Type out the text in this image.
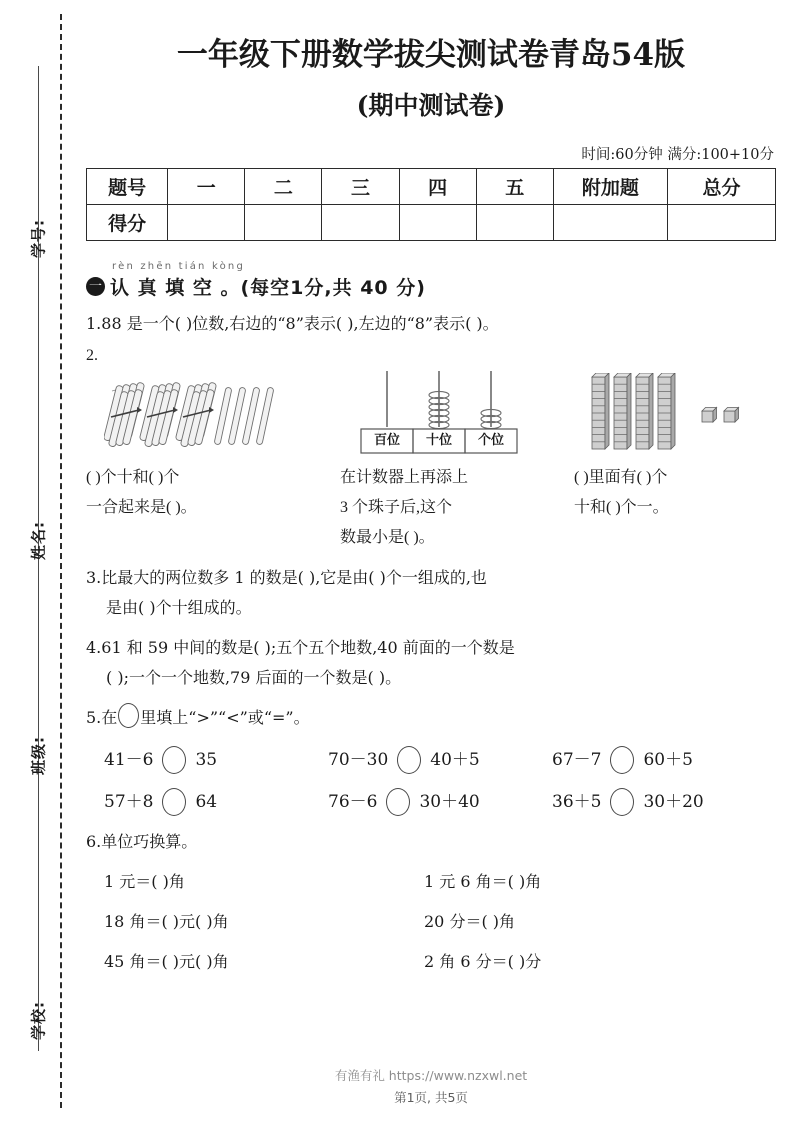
学号:
姓名:
班级:
学校:
一年级下册数学拔尖测试卷青岛54版
(期中测试卷)
时间:60分钟 满分:100+10分
题号	一	二	三	四	五	附加题	总分
得分							
一
rèn zhēn tián kòng
认 真 填 空 。(每空1分,共 40 分)
1.88 是一个( )位数,右边的“8”表示( ),左边的“8”表示( )。
2.
( )个十和( )个
一合起来是( )。
百位	十位	个位
在计数器上再添上
3 个珠子后,这个
数最小是( )。
( )里面有( )个
十和( )个一。
3.比最大的两位数多 1 的数是( ),它是由( )个一组成的,也
是由( )个十组成的。
4.61 和 59 中间的数是( );五个五个地数,40 前面的一个数是
( );一个一个地数,79 后面的一个数是( )。
5.在 里填上“>”“<”或“=”。
41－6 35	70－30 40＋5	67－7 60＋5
57＋8 64	76－6 30＋40	36＋5 30＋20
6.单位巧换算。
1 元＝( )角	1 元 6 角＝( )角
18 角＝( )元( )角	20 分＝( )角
45 角＝( )元( )角	2 角 6 分＝( )分
有渔有礼 https://www.nzxwl.net
第1页, 共5页
